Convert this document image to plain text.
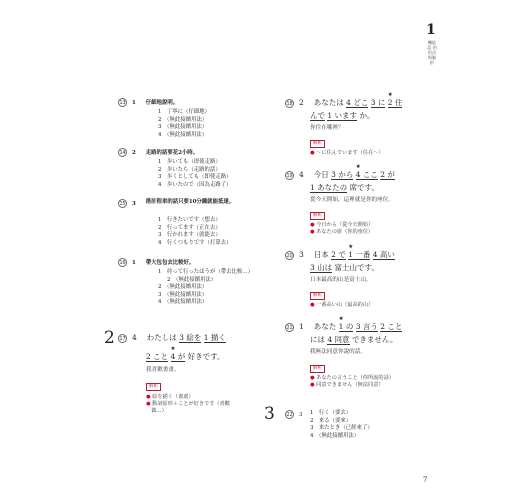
1
機能語 的用法與解析
13 1 仔細地說明。
1　丁寧に（仔細地）
2　（無此接續用法）
3　（無此接續用法）
4　（無此接續用法）
14 2 走路的話要花2小時。
1　歩いても（即使走路）
2　歩いたら（走路的話）
3　歩くとしても（即使走路）
4　歩いたので（因為走路了）
15 3 搭計程車的話只要10分鐘就能抵達。
1　行きたいです（想去）
2　行ってます（正在去）
3　行かれます（就能去）
4　行くつもりです（打算去）
16 1 帶大包包去比較好。
1　持って行ったほうが（帶去比較…）
2　（無此接續用法）
2　（無此接續用法）
3　（無此接續用法）
4　（無此接續用法）
2 17 4 わたしは 3 絵を 1 描く
2 こと ★ 4 が 好きです。
我喜歡畫畫。
解析
● 絵を描く（畫畫）
● 動詞原形＋ことが好きです（喜歡
　做…）
18 2 あなたは 4 どこ 3 に ★ 2 住
んで 1 います か。
你住在哪裡？
解析
● 〜に住んでいます（住在〜）
19 4 今日 3 から ★ 4 ここ 2 が
1 あなたの 席です。
從今天開始，這裡就是你的座位。
解析
● 今日から（從今天開始）
● あなたの席（你的座位）
20 3 日本 2 で ★ 1 一番 4 高い
3 山は 富士山です。
日本最高的山是富士山。
解析
● 一番高い山（最高的山）
21 1 あなた ★ 1 の 3 言う 2 こと
には 4 同意 できません。
我無法同意你說的話。
解析
● あなたの言うこと（你所說的話）
● 同意できません（無法同意）
3 22 3 1　行く（要去）
2　来る（要來）
3　来たとき（已經來了）
4　（無此接續用法）
7
